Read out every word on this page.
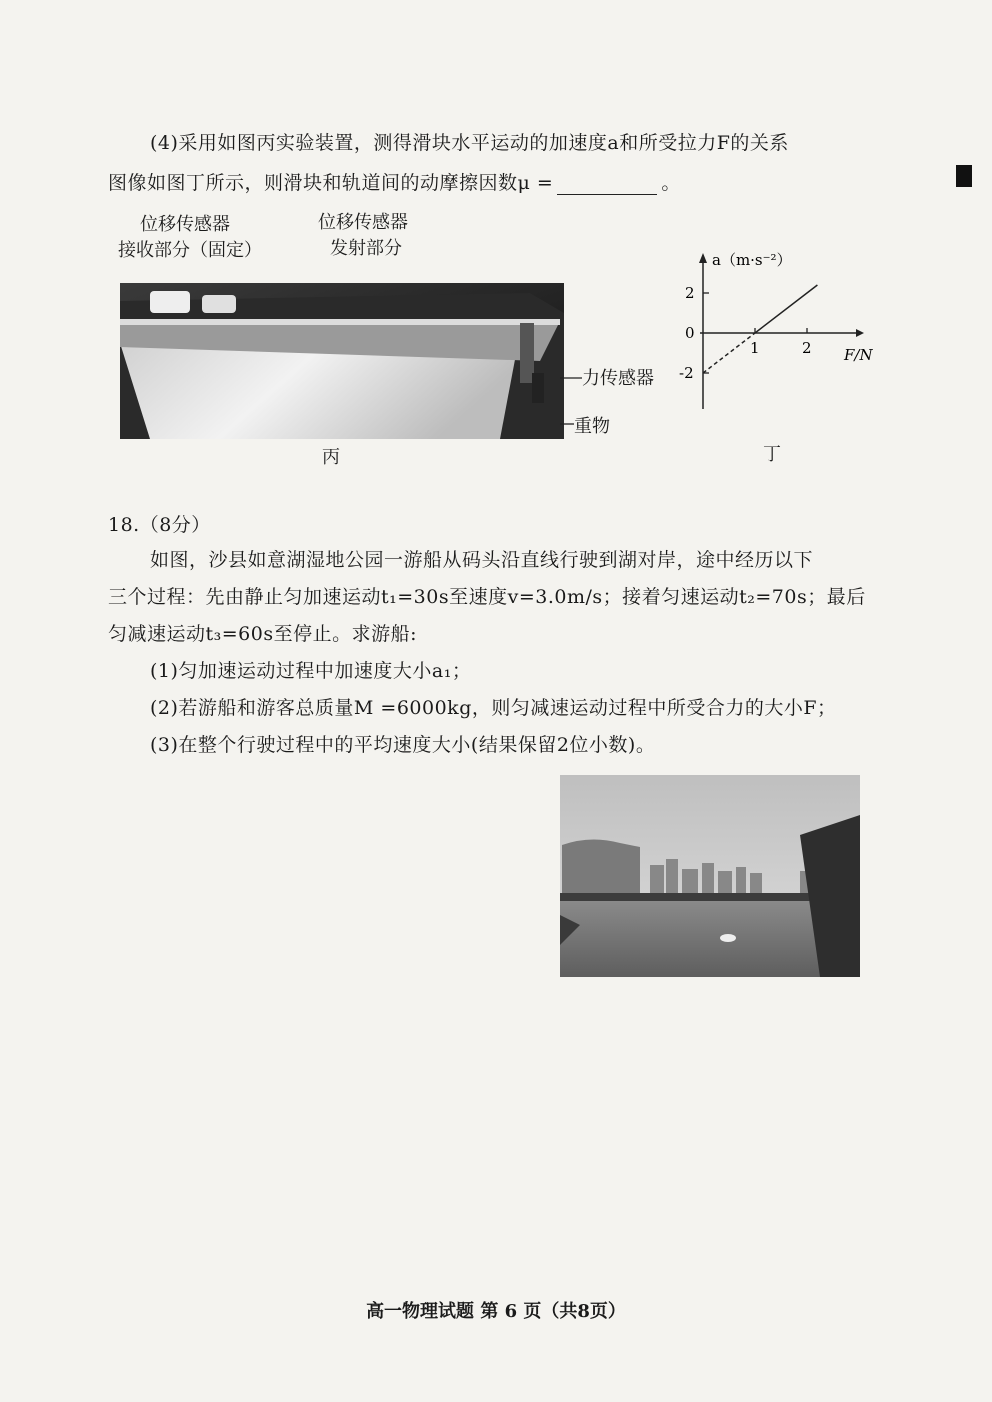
(4)采用如图丙实验装置，测得滑块水平运动的加速度a和所受拉力F的关系
图像如图丁所示，则滑块和轨道间的动摩擦因数μ =	。
位移传感器
接收部分（固定）
位移传感器
发射部分
力传感器
重物
丙
a（m·s⁻²）
F/N
1	2
2
0
-2
丁
18.（8分）
如图，沙县如意湖湿地公园一游船从码头沿直线行驶到湖对岸，途中经历以下
三个过程：先由静止匀加速运动t₁=30s至速度v=3.0m/s；接着匀速运动t₂=70s；最后
匀减速运动t₃=60s至停止。求游船:
(1)匀加速运动过程中加速度大小a₁；
(2)若游船和游客总质量M =6000kg，则匀减速运动过程中所受合力的大小F；
(3)在整个行驶过程中的平均速度大小(结果保留2位小数)。
高一物理试题 第 6 页（共8页）
